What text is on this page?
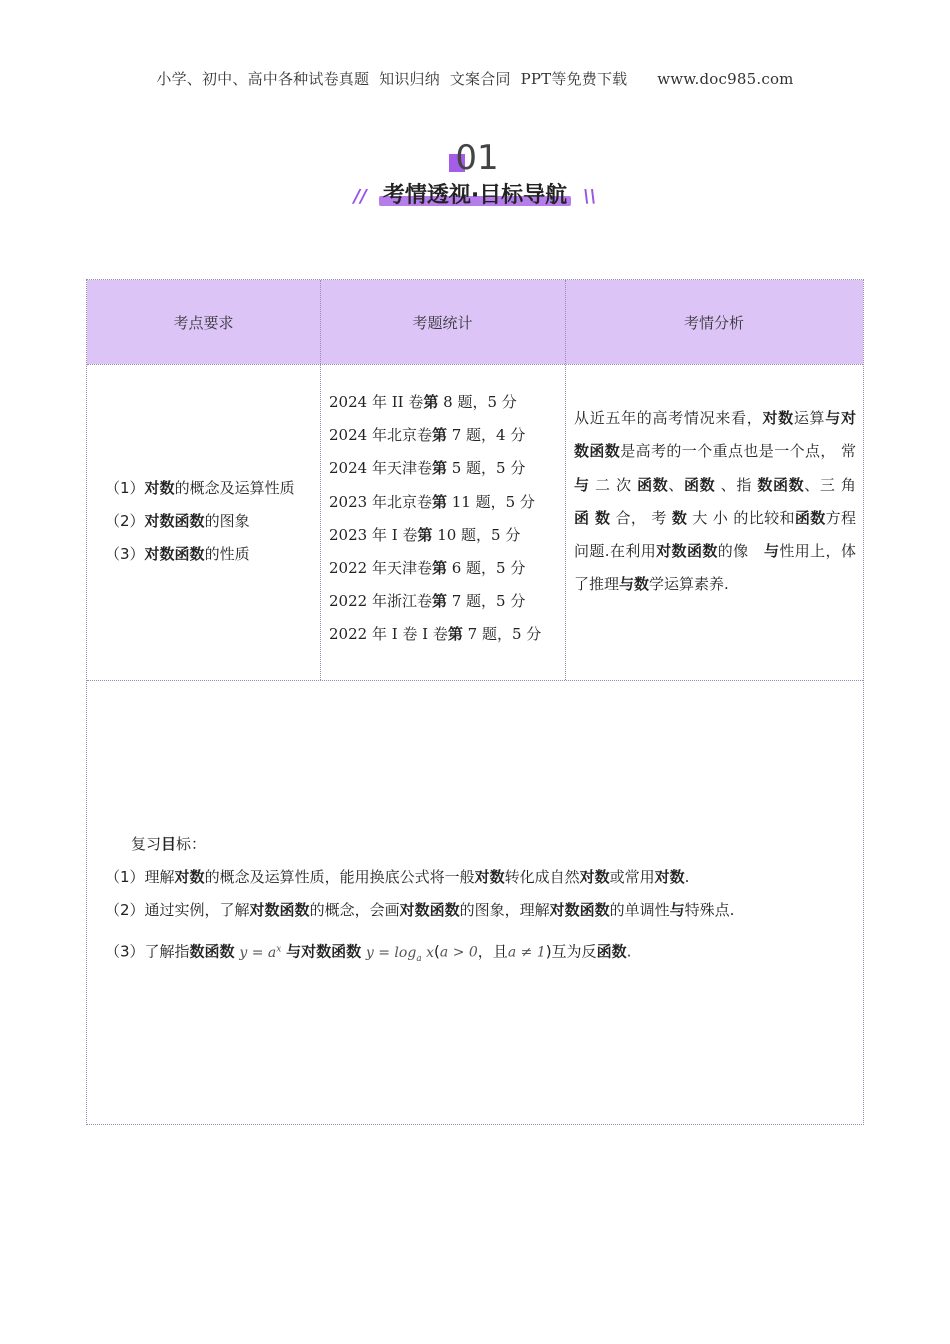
小学、初中、高中各种试卷真题  知识归纳  文案合同  PPT等免费下载 www.doc985.com
01
// 考情透视·目标导航 \\
考点要求	考题统计	考情分析
（1）对数的概念及运算性质
（2）对数函数的图象
（3）对数函数的性质
2024 年 II 卷第 8 题，5 分
2024 年北京卷第 7 题，4 分
2024 年天津卷第 5 题，5 分
2023 年北京卷第 11 题，5 分
2023 年 I 卷第 10 题，5 分
2022 年天津卷第 6 题，5 分
2022 年浙江卷第 7 题，5 分
2022 年 I 卷 I 卷第 7 题，5 分
从近五年的高考情况来看，对数运算与对数函数是高考的一个重点也是一个点， 常 与 二 次 函数、函数 、指 数函数、三 角 函 数 合， 考 数 大 小 的比较和函数方程问题.在利用对数函数的像　与性用上，体了推理与数学运算素养.
复习目标：
（1）理解对数的概念及运算性质，能用换底公式将一般对数转化成自然对数或常用对数.
（2）通过实例，了解对数函数的概念，会画对数函数的图象，理解对数函数的单调性与特殊点.
（3）了解指数函数 $y = a^x$ 与对数函数 $y = \log_a x(a > 0$，且a ≠ 1)互为反函数.
